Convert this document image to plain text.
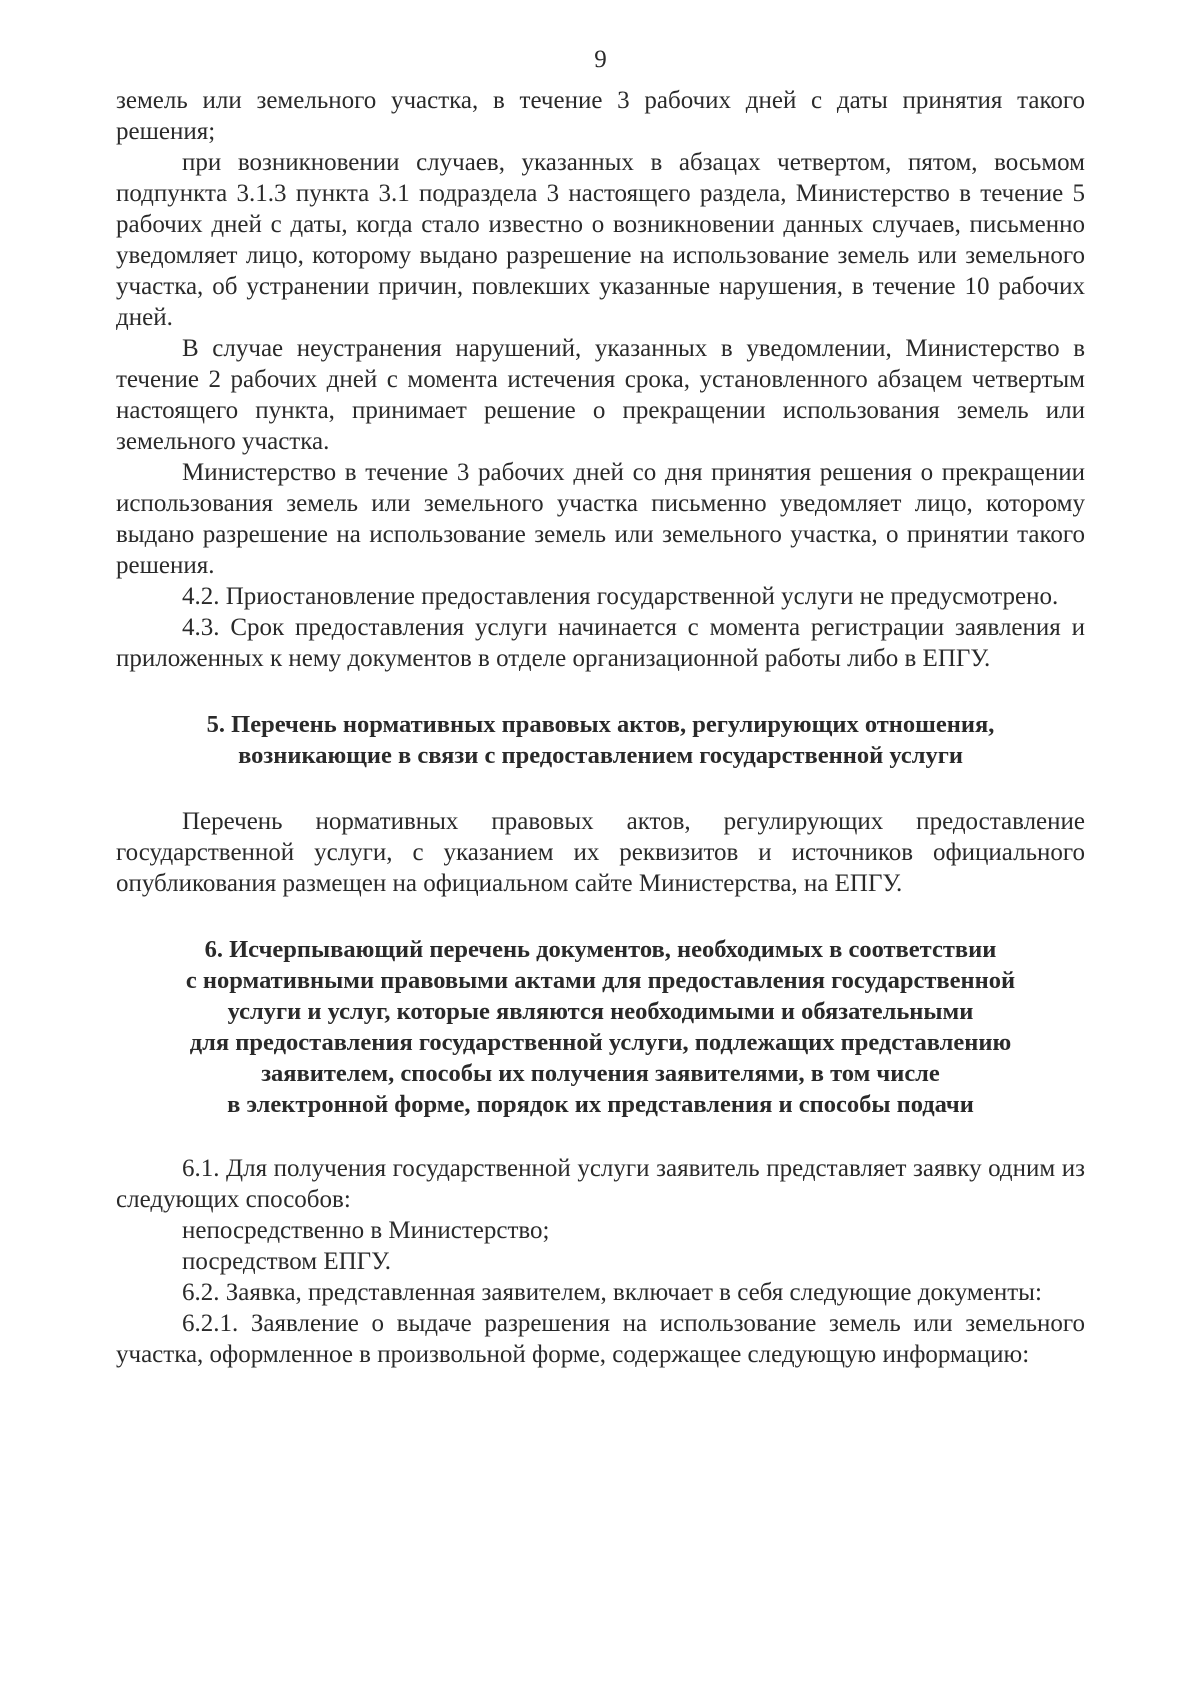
9

земель или земельного участка, в течение 3 рабочих дней с даты принятия такого решения;

при возникновении случаев, указанных в абзацах четвертом, пятом, восьмом подпункта 3.1.3 пункта 3.1 подраздела 3 настоящего раздела, Министерство в течение 5 рабочих дней с даты, когда стало известно о возникновении данных случаев, письменно уведомляет лицо, которому выдано разрешение на использование земель или земельного участка, об устранении причин, повлекших указанные нарушения, в течение 10 рабочих дней.

В случае неустранения нарушений, указанных в уведомлении, Министерство в течение 2 рабочих дней с момента истечения срока, установленного абзацем четвертым настоящего пункта, принимает решение о прекращении использования земель или земельного участка.

Министерство в течение 3 рабочих дней со дня принятия решения о прекращении использования земель или земельного участка письменно уведомляет лицо, которому выдано разрешение на использование земель или земельного участка, о принятии такого решения.

4.2. Приостановление предоставления государственной услуги не предусмотрено.

4.3. Срок предоставления услуги начинается с момента регистрации заявления и приложенных к нему документов в отделе организационной работы либо в ЕПГУ.

5. Перечень нормативных правовых актов, регулирующих отношения,
возникающие в связи с предоставлением государственной услуги

Перечень нормативных правовых актов, регулирующих предоставление государственной услуги, с указанием их реквизитов и источников официального опубликования размещен на официальном сайте Министерства, на ЕПГУ.

6. Исчерпывающий перечень документов, необходимых в соответствии
с нормативными правовыми актами для предоставления государственной
услуги и услуг, которые являются необходимыми и обязательными
для предоставления государственной услуги, подлежащих представлению
заявителем, способы их получения заявителями, в том числе
в электронной форме, порядок их представления и способы подачи

6.1. Для получения государственной услуги заявитель представляет заявку одним из следующих способов:

непосредственно в Министерство;

посредством ЕПГУ.

6.2. Заявка, представленная заявителем, включает в себя следующие документы:

6.2.1. Заявление о выдаче разрешения на использование земель или земельного участка, оформленное в произвольной форме, содержащее следующую информацию:
